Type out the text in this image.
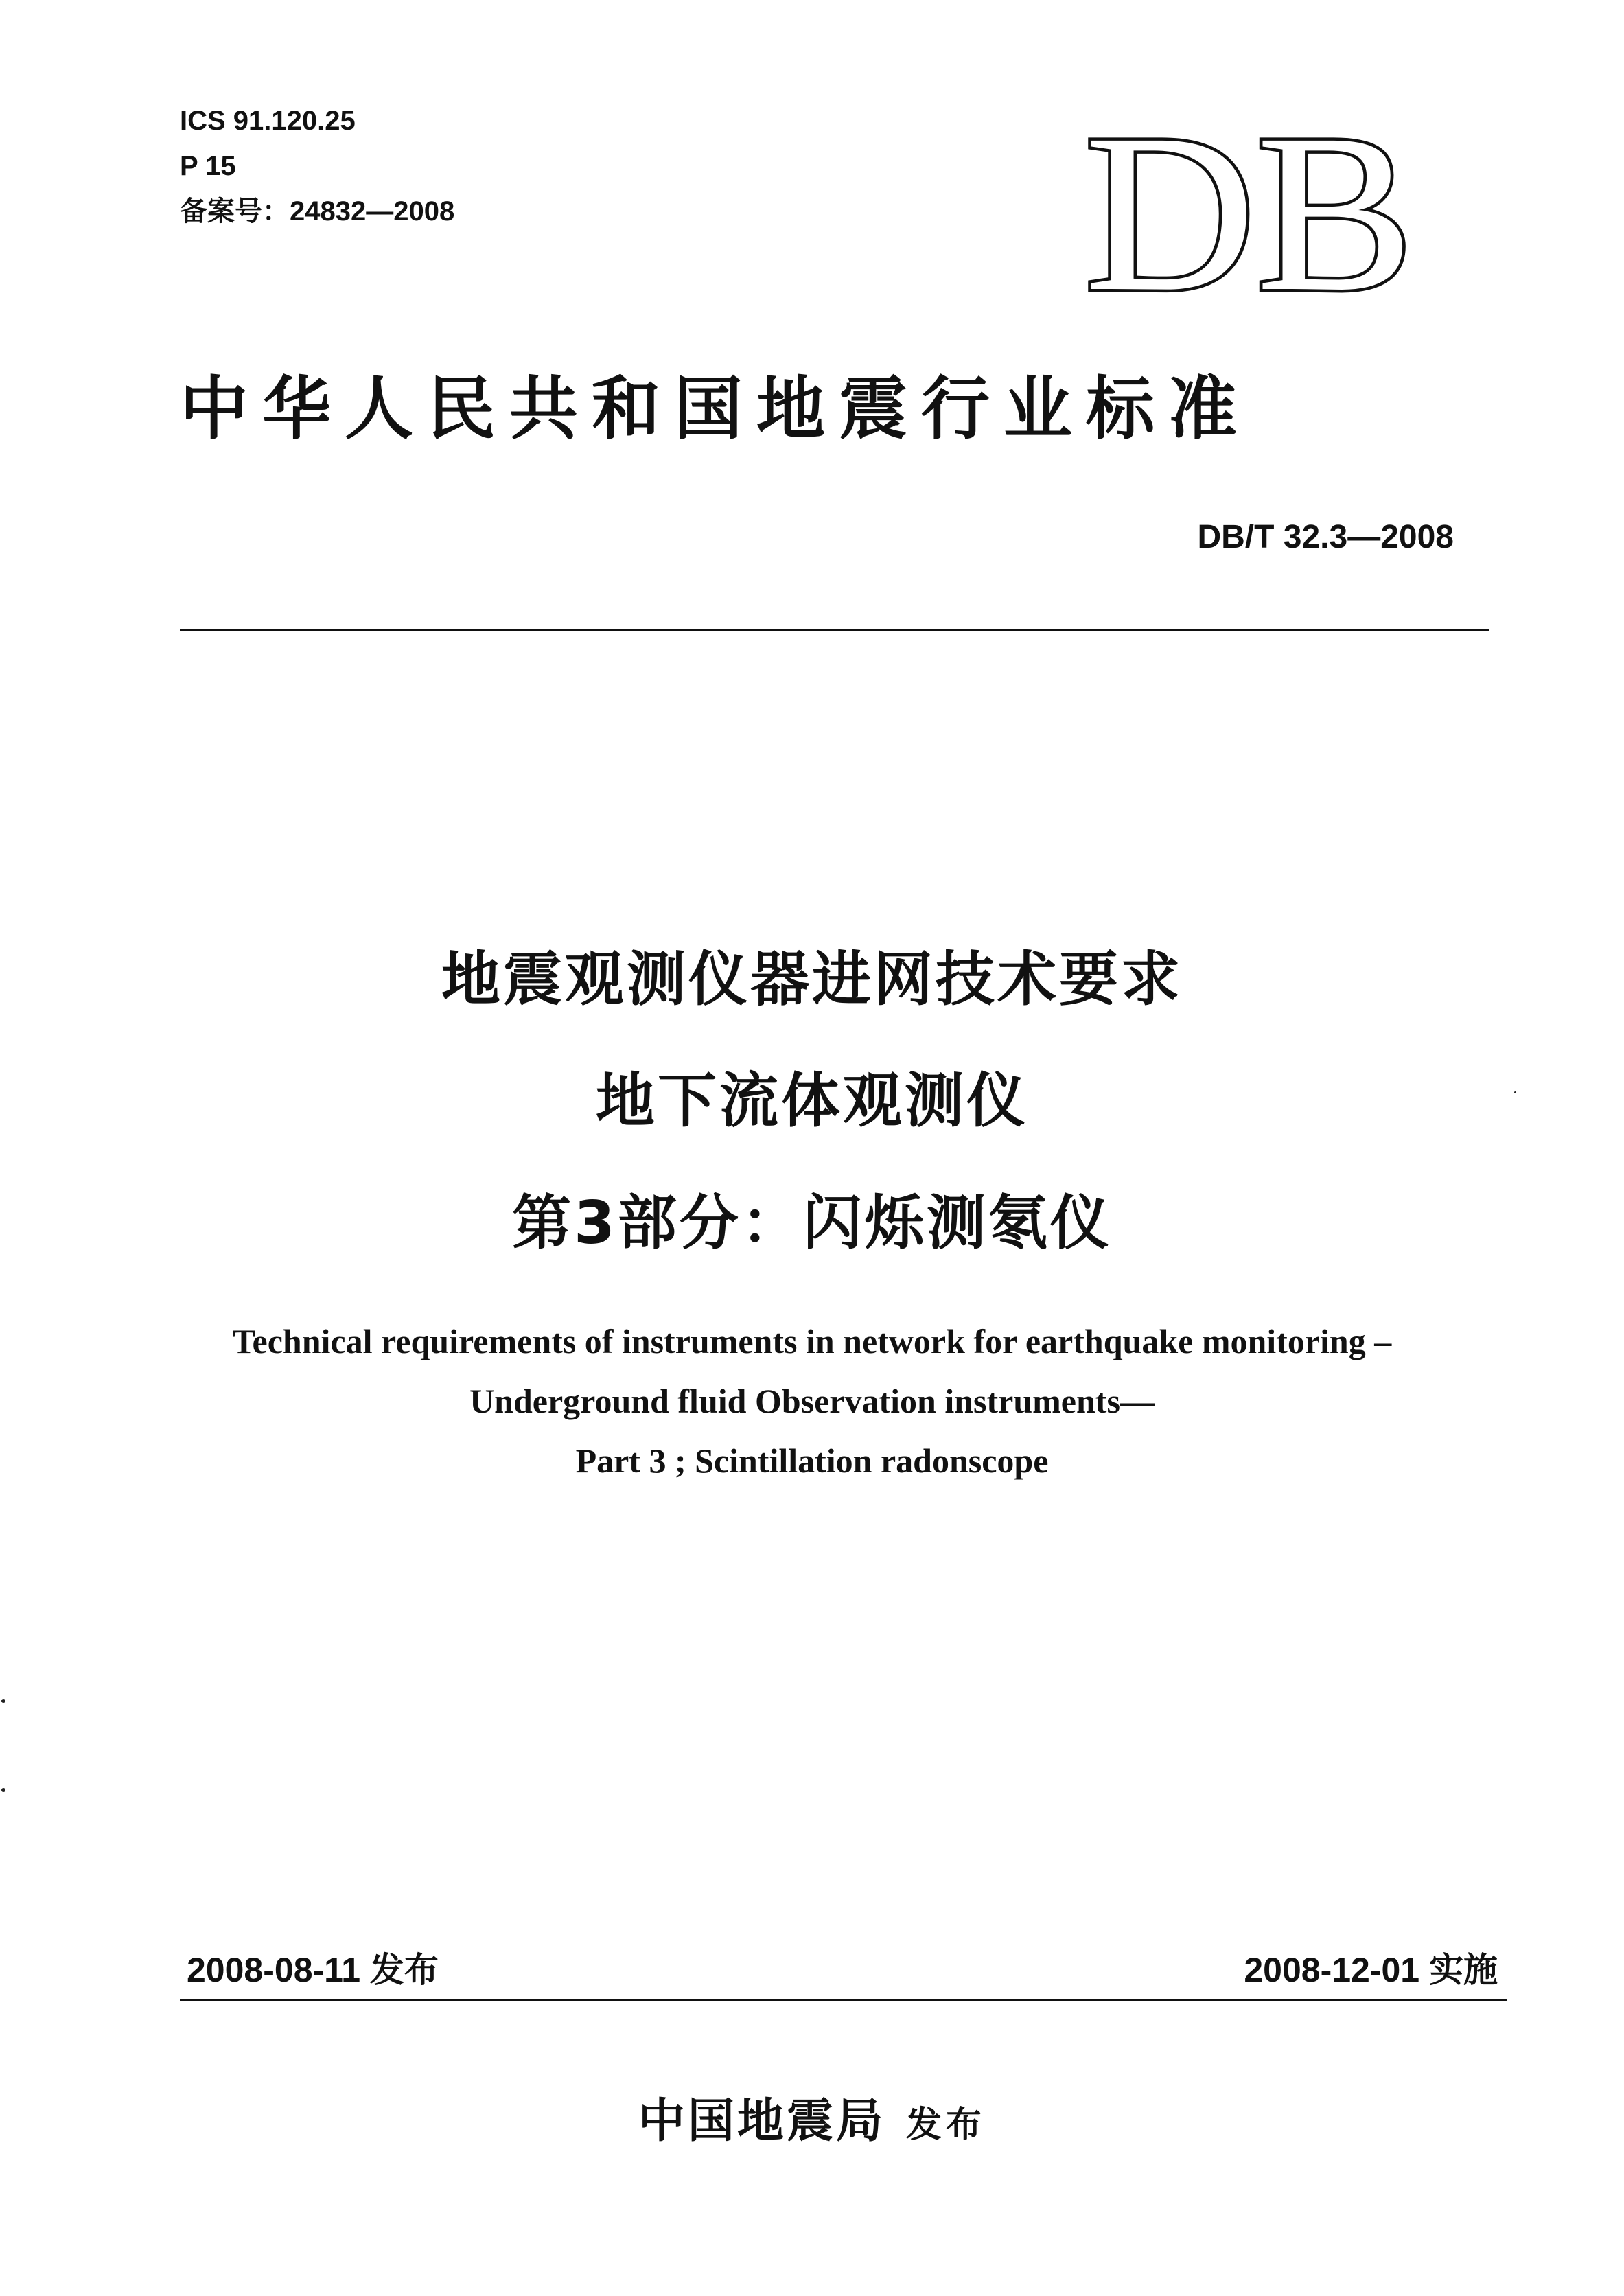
ICS 91.120.25
P 15
备案号：24832—2008	DB
中华人民共和国地震行业标准
DB/T 32.3—2008
地震观测仪器进网技术要求
地下流体观测仪
第3部分：闪烁测氡仪
Technical requirements of instruments in network for earthquake monitoring –
Underground fluid Observation instruments—
Part 3 ; Scintillation radonscope
2008-08-11 发布	2008-12-01 实施
中国地震局 发布
